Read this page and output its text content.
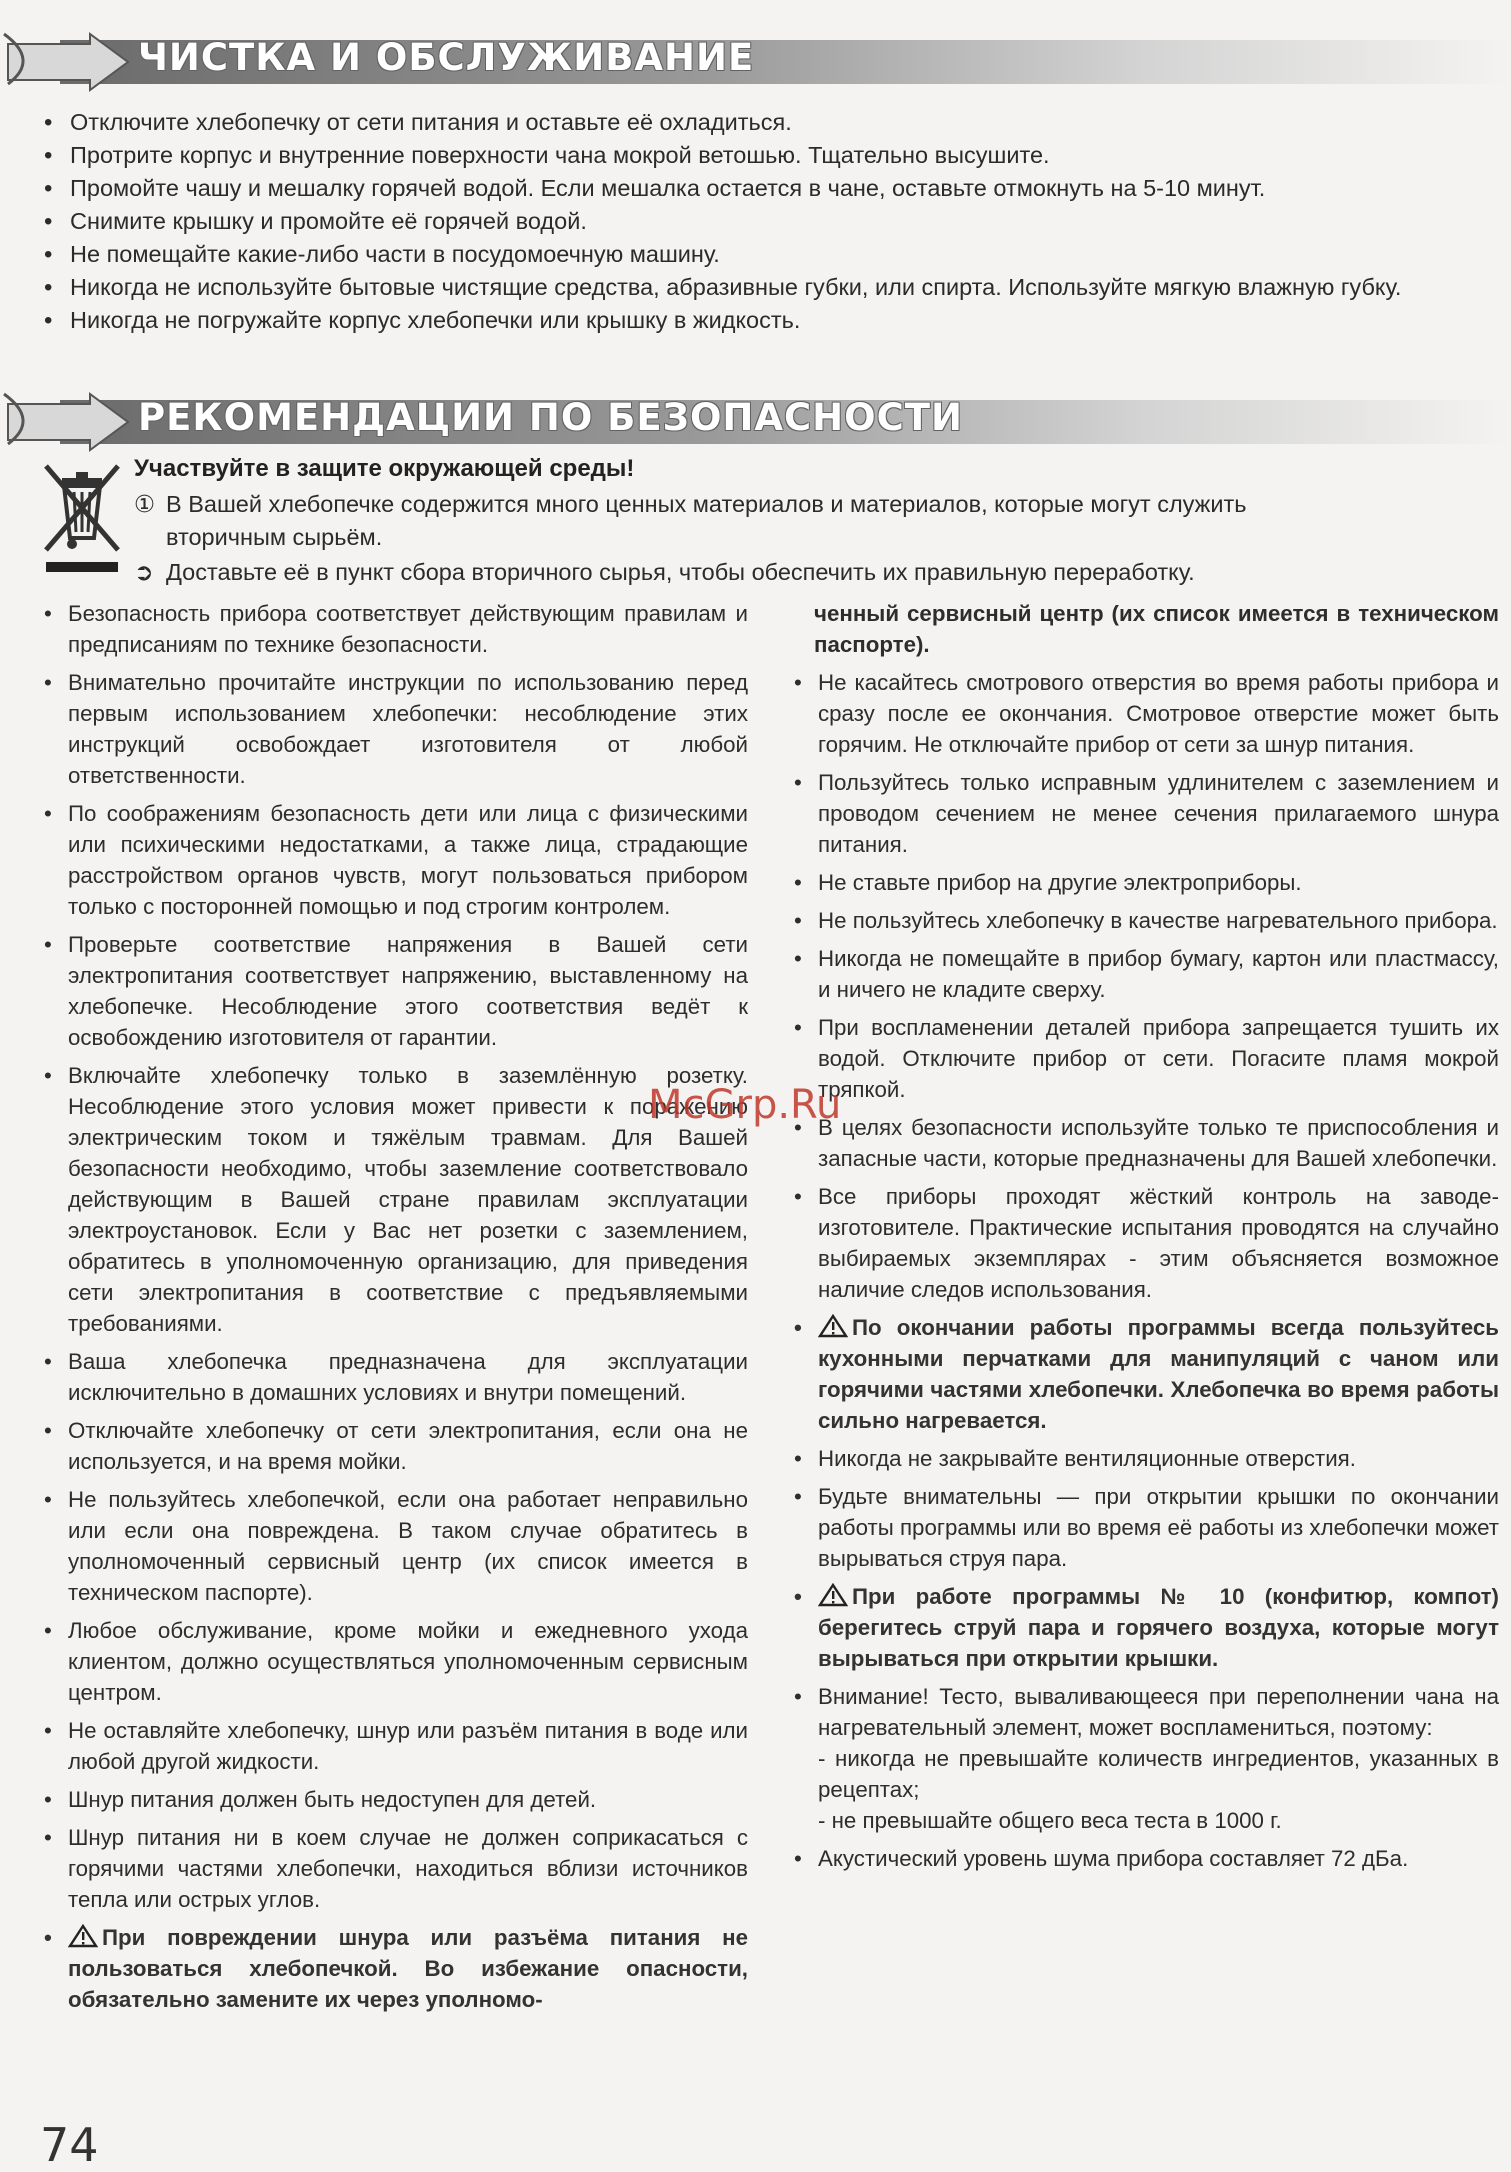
ЧИСТКА И ОБСЛУЖИВАНИЕ
• Отключите хлебопечку от сети питания и оставьте её охладиться.
• Протрите корпус и внутренние поверхности чана мокрой ветошью. Тщательно высушите.
• Промойте чашу и мешалку горячей водой. Если мешалка остается в чане, оставьте отмокнуть на 5-10 минут.
• Снимите крышку и промойте её горячей водой.
• Не помещайте какие-либо части в посудомоечную машину.
• Никогда не используйте бытовые чистящие средства, абразивные губки, или спирта. Используйте мягкую влажную губку.
• Никогда не погружайте корпус хлебопечки или крышку в жидкость.
РЕКОМЕНДАЦИИ ПО БЕЗОПАСНОСТИ
Участвуйте в защите окружающей среды!
① В Вашей хлебопечке содержится много ценных материалов и материалов, которые могут служить
вторичным сырьём.
➲ Доставьте её в пункт сбора вторичного сырья, чтобы обеспечить их правильную переработку.
• Безопасность прибора соответствует действующим правилам и предписаниям по технике безопасности.
• Внимательно прочитайте инструкции по использованию перед первым использованием хлебопечки: несоблюдение этих инструкций освобождает изготовителя от любой ответственности.
• По соображениям безопасность дети или лица с физическими или психическими недостатками, а также лица, страдающие расстройством органов чувств, могут пользоваться прибором только с посторонней помощью и под строгим контролем.
• Проверьте соответствие напряжения в Вашей сети электропитания соответствует напряжению, выставленному на хлебопечке. Несоблюдение этого соответствия ведёт к освобождению изготовителя от гарантии.
• Включайте хлебопечку только в заземлённую розетку. Несоблюдение этого условия может привести к поражению электрическим током и тяжёлым травмам. Для Вашей безопасности необходимо, чтобы заземление соответствовало действующим в Вашей стране правилам эксплуатации электроустановок. Если у Вас нет розетки с заземлением, обратитесь в уполномоченную организацию, для приведения сети электропитания в соответствие с предъявляемыми требованиями.
• Ваша хлебопечка предназначена для эксплуатации исключительно в домашних условиях и внутри помещений.
• Отключайте хлебопечку от сети электропитания, если она не используется, и на время мойки.
• Не пользуйтесь хлебопечкой, если она работает неправильно или если она повреждена. В таком случае обратитесь в уполномоченный сервисный центр (их список имеется в техническом паспорте).
• Любое обслуживание, кроме мойки и ежедневного ухода клиентом, должно осуществляться уполномоченным сервисным центром.
• Не оставляйте хлебопечку, шнур или разъём питания в воде или любой другой жидкости.
• Шнур питания должен быть недоступен для детей.
• Шнур питания ни в коем случае не должен соприкасаться с горячими частями хлебопечки, находиться вблизи источников тепла или острых углов.
• При повреждении шнура или разъёма питания не пользоваться хлебопечкой. Во избежание опасности, обязательно замените их через уполномо-
ченный сервисный центр (их список имеется в техническом паспорте).
• Не касайтесь смотрового отверстия во время работы прибора и сразу после ее окончания. Смотровое отверстие может быть горячим. Не отключайте прибор от сети за шнур питания.
• Пользуйтесь только исправным удлинителем с заземлением и проводом сечением не менее сечения прилагаемого шнура питания.
• Не ставьте прибор на другие электроприборы.
• Не пользуйтесь хлебопечку в качестве нагревательного прибора.
• Никогда не помещайте в прибор бумагу, картон или пластмассу, и ничего не кладите сверху.
• При воспламенении деталей прибора запрещается тушить их водой. Отключите прибор от сети. Погасите пламя мокрой тряпкой.
• В целях безопасности используйте только те приспособления и запасные части, которые предназначены для Вашей хлебопечки.
• Все приборы проходят жёсткий контроль на заводе-изготовителе. Практические испытания проводятся на случайно выбираемых экземплярах - этим объясняется возможное наличие следов использования.
• По окончании работы программы всегда пользуйтесь кухонными перчатками для манипуляций с чаном или горячими частями хлебопечки. Хлебопечка во время работы сильно нагревается.
• Никогда не закрывайте вентиляционные отверстия.
• Будьте внимательны — при открытии крышки по окончании работы программы или во время её работы из хлебопечки может вырываться струя пара.
• При работе программы № 10 (конфитюр, компот) берегитесь струй пара и горячего воздуха, которые могут вырываться при открытии крышки.
• Внимание! Тесто, вываливающееся при переполнении чана на нагревательный элемент, может воспламениться, поэтому:
- никогда не превышайте количеств ингредиентов, указанных в рецептах;
- не превышайте общего веса теста в 1000 г.
• Акустический уровень шума прибора составляет 72 дБа.
McGrp.Ru
74
